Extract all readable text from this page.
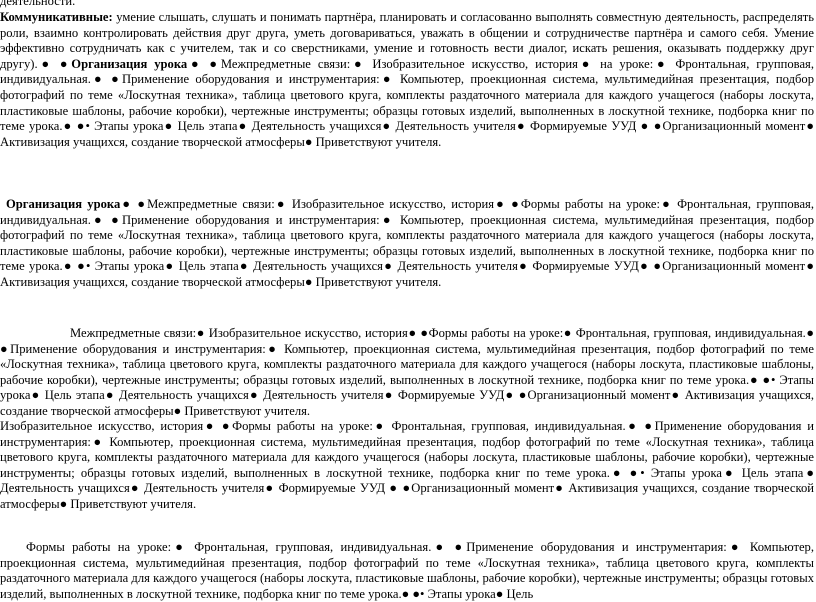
деятельности.

Коммуникативные: умение слышать, слушать и понимать партнёра, планировать и согласованно выполнять совместную деятельность, распределять роли, взаимно контролировать действия друг друга, уметь договариваться, уважать в общении и сотрудничестве партнёра и самого себя. Умение эффективно сотрудничать как с учителем, так и со сверстниками, умение и готовность вести диалог, искать решения, оказывать поддержку друг другу).● ●Организация урока● ●Межпредметные связи:● Изобразительное искусство, история● на уроке:● Фронтальная, групповая, индивидуальная.● ●Применение оборудования и инструментария:● Компьютер, проекционная система, мультимедийная презентация, подбор фотографий по теме «Лоскутная техника», таблица цветового круга, комплекты раздаточного материала для каждого учащегося (наборы лоскута, пластиковые шаблоны, рабочие коробки), чертежные инструменты; образцы готовых изделий, выполненных в лоскутной технике, подборка книг по теме урока.● ●• Этапы урока● Цель этапа● Деятельность учащихся● Деятельность учителя● Формируемые УУД ● ●Организационный момент● Активизация учащихся, создание творческой атмосферы● Приветствуют учителя.

Организация урока● ●Межпредметные связи:● Изобразительное искусство, история● ●Формы работы на уроке:● Фронтальная, групповая, индивидуальная.● ●Применение оборудования и инструментария:● Компьютер, проекционная система, мультимедийная презентация, подбор фотографий по теме «Лоскутная техника», таблица цветового круга, комплекты раздаточного материала для каждого учащегося (наборы лоскута, пластиковые шаблоны, рабочие коробки), чертежные инструменты; образцы готовых изделий, выполненных в лоскутной технике, подборка книг по теме урока.● ●• Этапы урока● Цель этапа● Деятельность учащихся● Деятельность учителя● Формируемые УУД● ●Организационный момент● Активизация учащихся, создание творческой атмосферы● Приветствуют учителя.

Межпредметные связи:● Изобразительное искусство, история● ●Формы работы на уроке:● Фронтальная, групповая, индивидуальная.● ●Применение оборудования и инструментария:● Компьютер, проекционная система, мультимедийная презентация, подбор фотографий по теме «Лоскутная техника», таблица цветового круга, комплекты раздаточного материала для каждого учащегося (наборы лоскута, пластиковые шаблоны, рабочие коробки), чертежные инструменты; образцы готовых изделий, выполненных в лоскутной технике, подборка книг по теме урока.● ●• Этапы урока● Цель этапа● Деятельность учащихся● Деятельность учителя● Формируемые УУД● ●Организационный момент● Активизация учащихся, создание творческой атмосферы● Приветствуют учителя.

Изобразительное искусство, история● ●Формы работы на уроке:● Фронтальная, групповая, индивидуальная.● ●Применение оборудования и инструментария:● Компьютер, проекционная система, мультимедийная презентация, подбор фотографий по теме «Лоскутная техника», таблица цветового круга, комплекты раздаточного материала для каждого учащегося (наборы лоскута, пластиковые шаблоны, рабочие коробки), чертежные инструменты; образцы готовых изделий, выполненных в лоскутной технике, подборка книг по теме урока.● ●• Этапы урока● Цель этапа● Деятельность учащихся● Деятельность учителя● Формируемые УУД ● ●Организационный момент● Активизация учащихся, создание творческой атмосферы● Приветствуют учителя.

Формы работы на уроке:● Фронтальная, групповая, индивидуальная.● ●Применение оборудования и инструментария:● Компьютер, проекционная система, мультимедийная презентация, подбор фотографий по теме «Лоскутная техника», таблица цветового круга, комплекты раздаточного материала для каждого учащегося (наборы лоскута, пластиковые шаблоны, рабочие коробки), чертежные инструменты; образцы готовых изделий, выполненных в лоскутной технике, подборка книг по теме урока.● ●• Этапы урока● Цель
